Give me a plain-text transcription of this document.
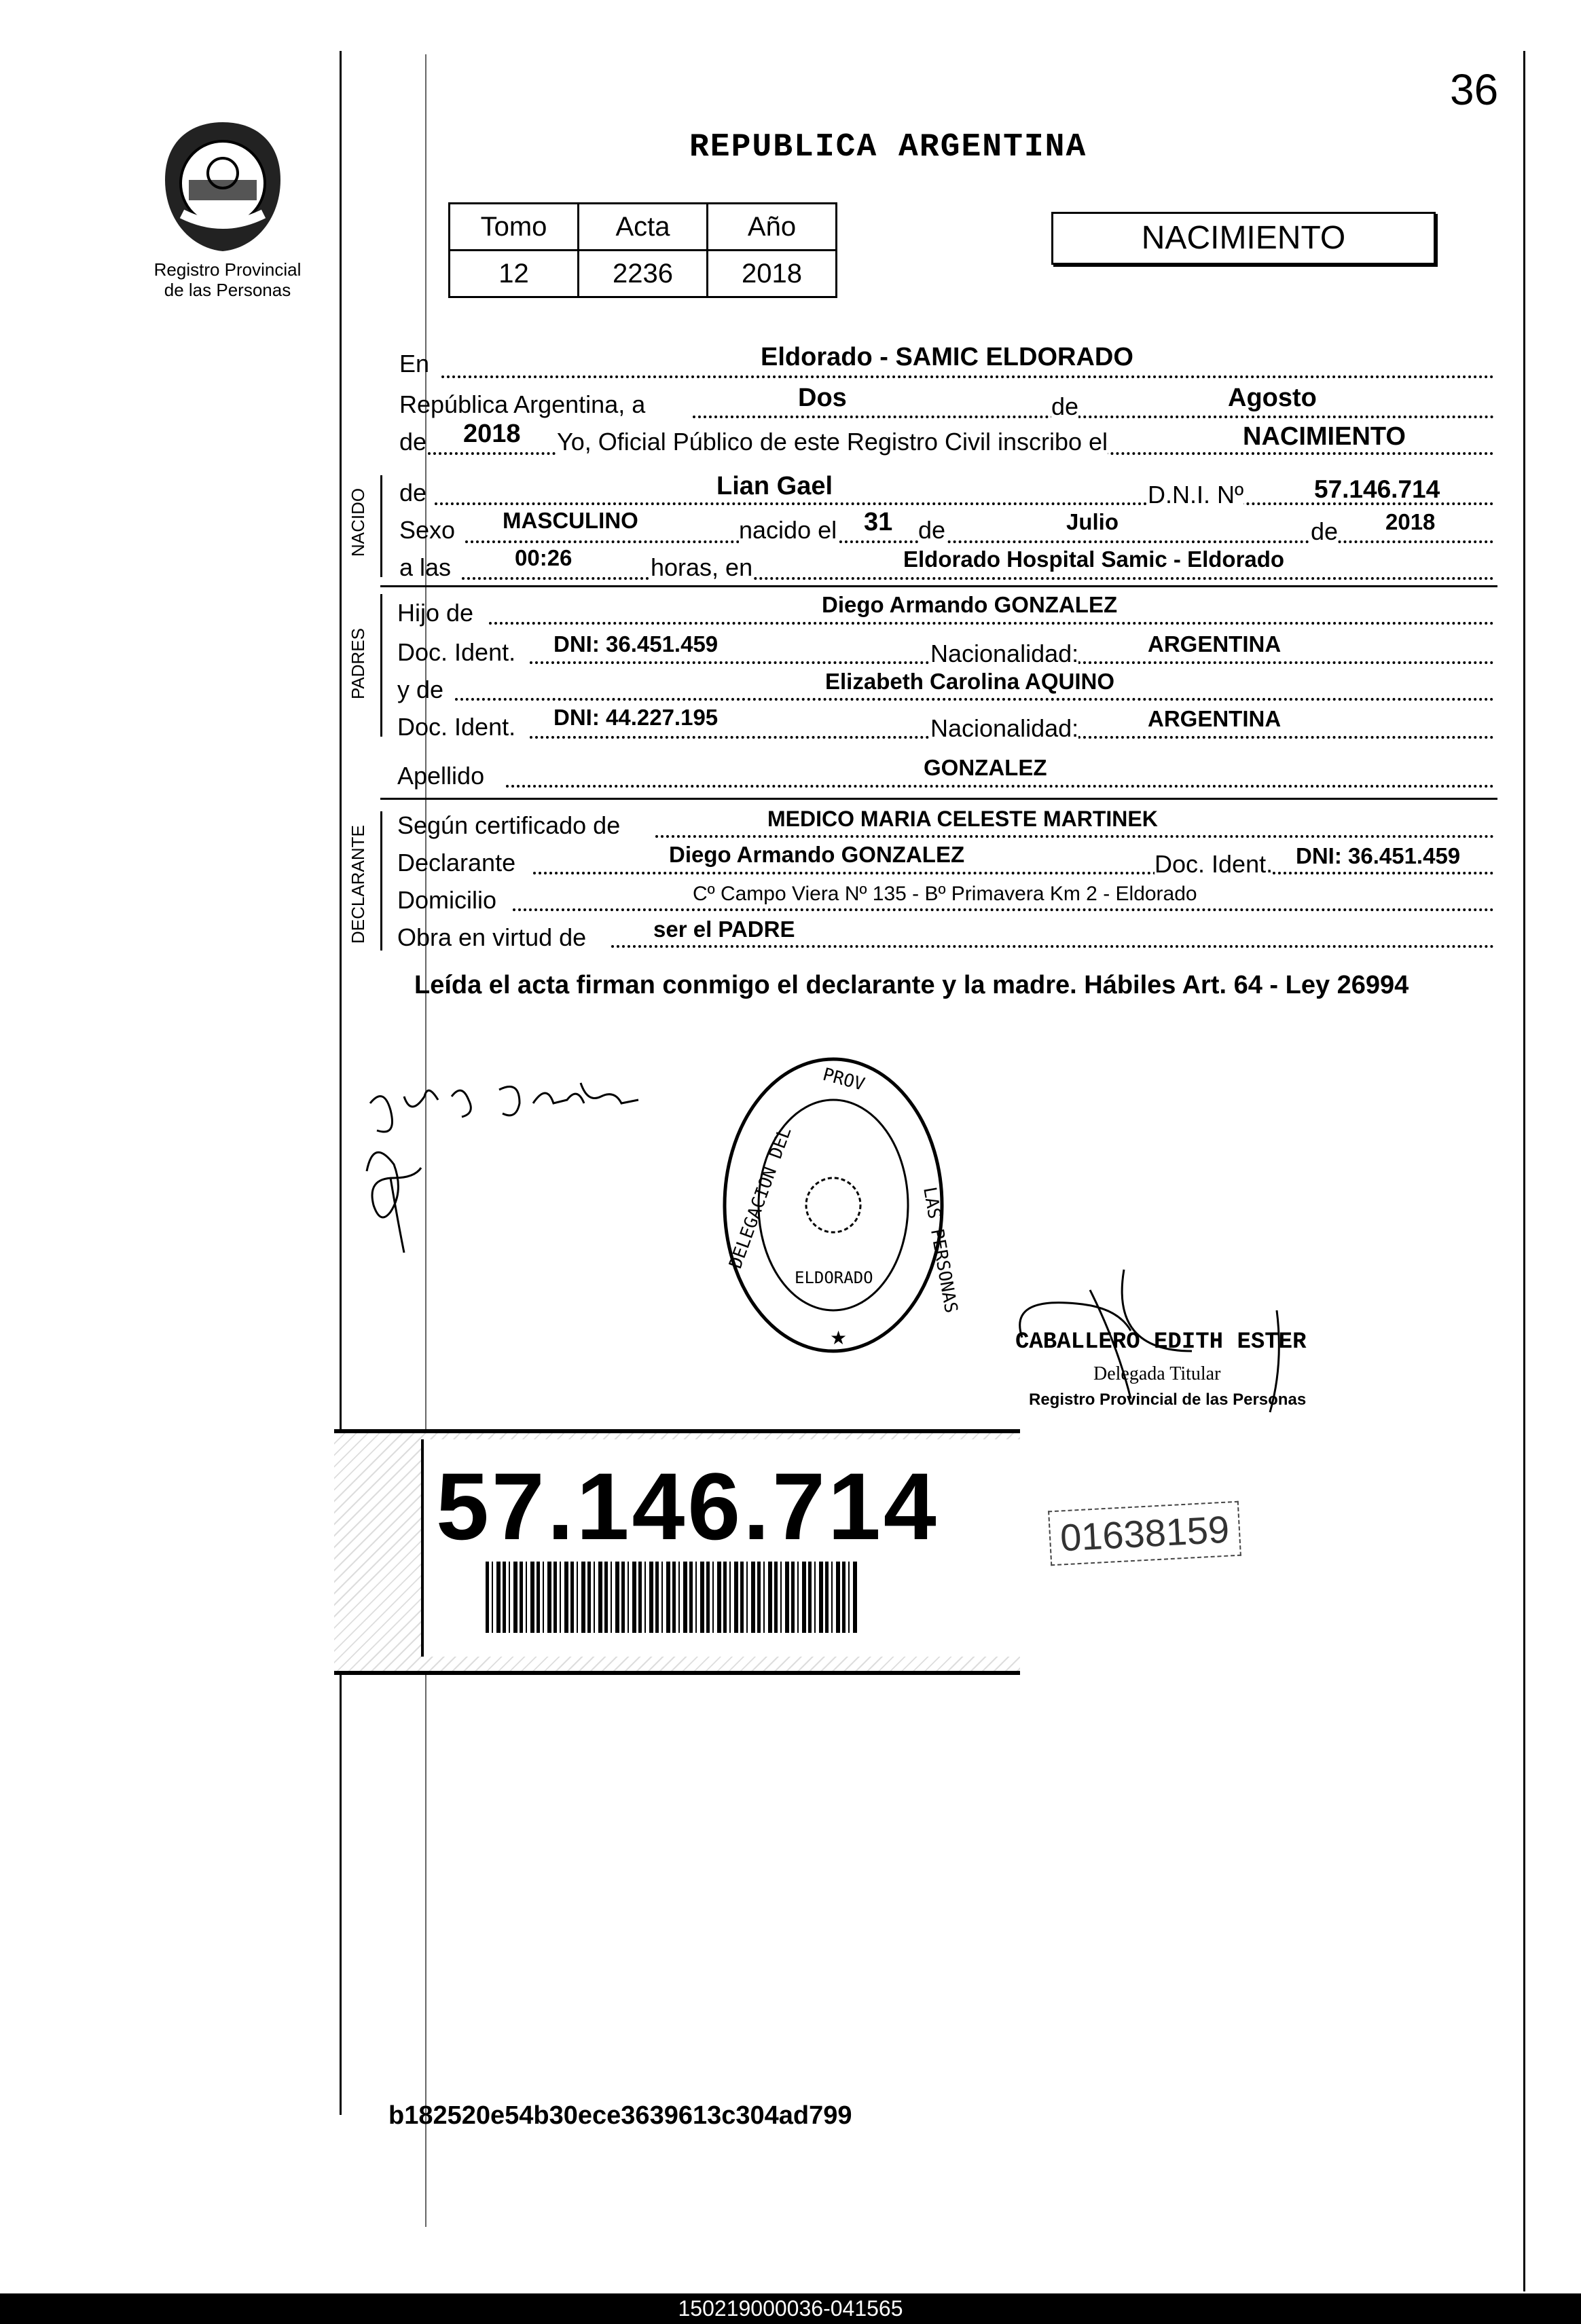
36
Registro Provincial
de las Personas
REPUBLICA ARGENTINA
Tomo	Acta	Año
12	2236	2018
NACIMIENTO
En	Eldorado - SAMIC ELDORADO
República Argentina, a	Dos	de	Agosto
de 2018 Yo, Oficial Público de este Registro Civil inscribo el	NACIMIENTO
NACIDO de	Lian Gael	D.N.I. Nº	57.146.714
Sexo MASCULINO	nacido el 31 de	Julio	de 2018
a las	00:26	horas, en	Eldorado Hospital Samic - Eldorado
PADRES
Hijo de	Diego Armando GONZALEZ
Doc. Ident. DNI: 36.451.459	Nacionalidad:	ARGENTINA
y de	Elizabeth Carolina AQUINO
Doc. Ident. DNI: 44.227.195	Nacionalidad:	ARGENTINA
Apellido	GONZALEZ
DECLARANTE Según certificado de	MEDICO MARIA CELESTE MARTINEK
Declarante	Diego Armando GONZALEZ	Doc. Ident. DNI: 36.451.459
Domicilio	Cº Campo Viera Nº 135 - Bº Primavera Km 2 - Eldorado
Obra en virtud de	ser el PADRE
Leída el acta firman conmigo el declarante y la madre. Hábiles Art. 64 - Ley 26994
DELEGACION DEL
PROV
LAS PERSONAS
ELDORADO
★	CABALLERO EDITH ESTER
Delegada Titular
Registro Provincial de las Personas
57.146.714	01638159
b182520e54b30ece3639613c304ad799
150219000036-041565
